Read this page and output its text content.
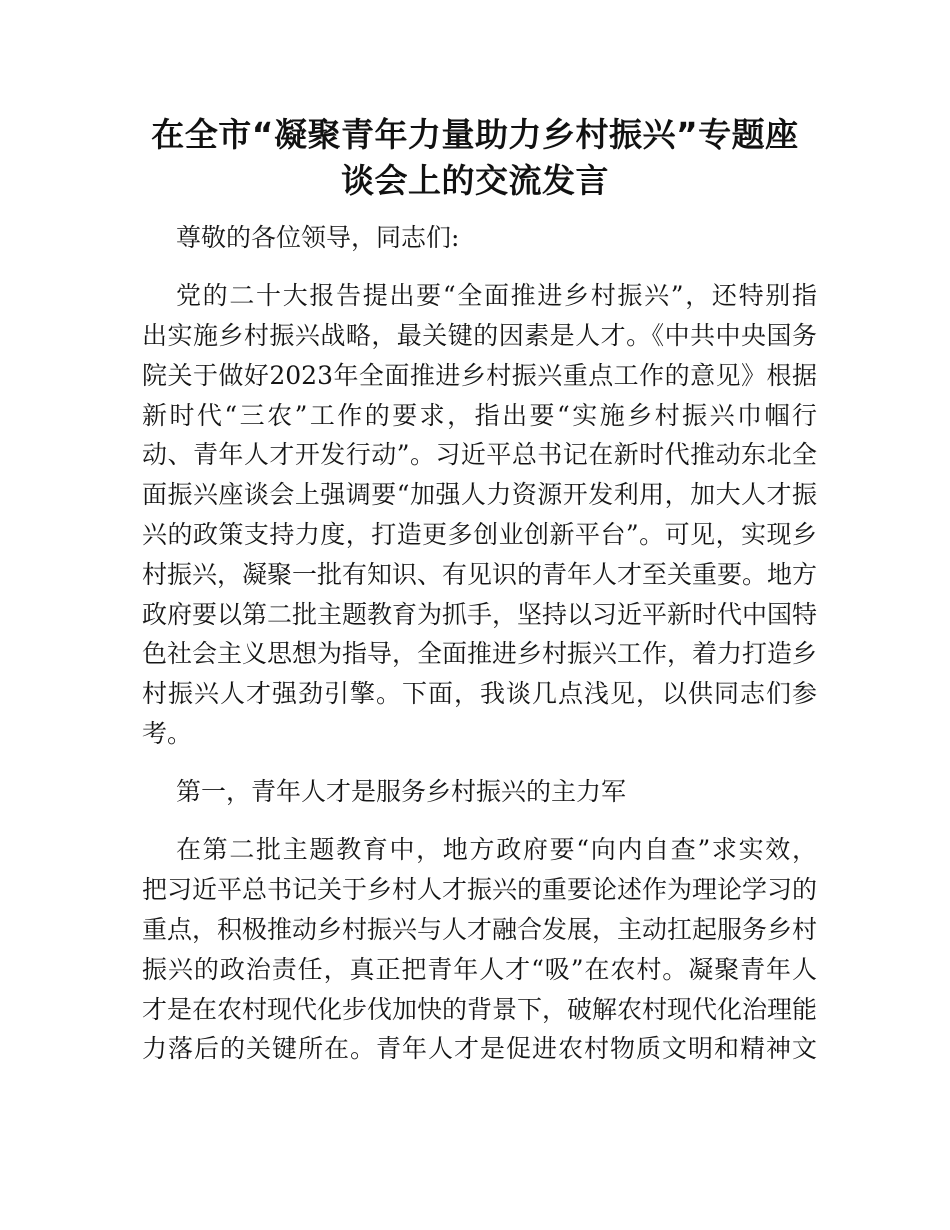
在全市“凝聚青年力量助力乡村振兴”专题座
谈会上的交流发言
尊敬的各位领导，同志们:
党的二十大报告提出要“全面推进乡村振兴”，还特别指
出实施乡村振兴战略，最关键的因素是人才。《中共中央国务
院关于做好2023年全面推进乡村振兴重点工作的意见》根据
新时代“三农”工作的要求，指出要“实施乡村振兴巾帼行
动、青年人才开发行动”。习近平总书记在新时代推动东北全
面振兴座谈会上强调要“加强人力资源开发利用，加大人才振
兴的政策支持力度，打造更多创业创新平台”。可见，实现乡
村振兴，凝聚一批有知识、有见识的青年人才至关重要。地方
政府要以第二批主题教育为抓手，坚持以习近平新时代中国特
色社会主义思想为指导，全面推进乡村振兴工作，着力打造乡
村振兴人才强劲引擎。下面，我谈几点浅见，以供同志们参
考。
第一，青年人才是服务乡村振兴的主力军
在第二批主题教育中，地方政府要“向内自查”求实效，
把习近平总书记关于乡村人才振兴的重要论述作为理论学习的
重点，积极推动乡村振兴与人才融合发展，主动扛起服务乡村
振兴的政治责任，真正把青年人才“吸”在农村。凝聚青年人
才是在农村现代化步伐加快的背景下，破解农村现代化治理能
力落后的关键所在。青年人才是促进农村物质文明和精神文
